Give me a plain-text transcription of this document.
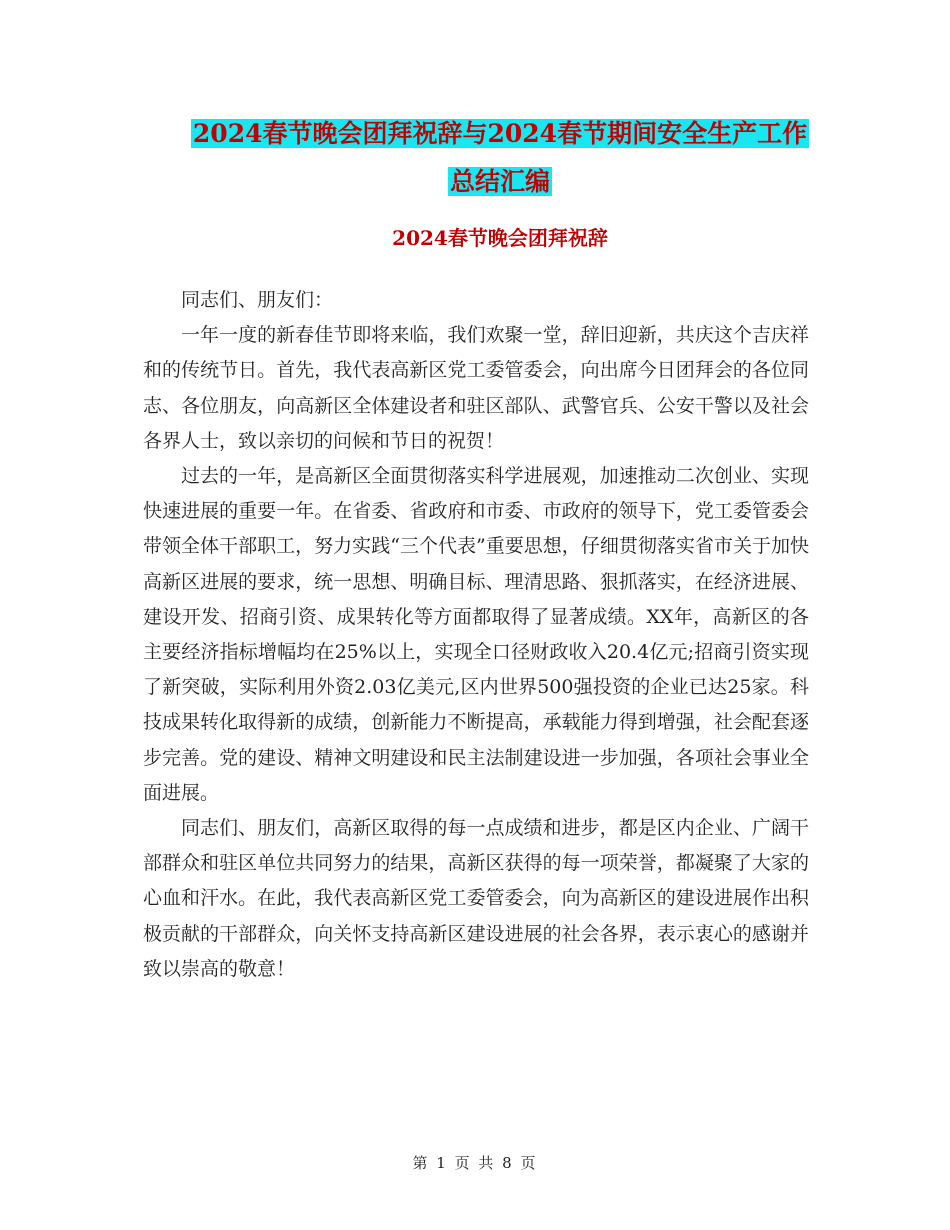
2024春节晚会团拜祝辞与2024春节期间安全生产工作
总结汇编
2024春节晚会团拜祝辞

同志们、朋友们：

一年一度的新春佳节即将来临，我们欢聚一堂，辞旧迎新，共庆这个吉庆祥和的传统节日。首先，我代表高新区党工委管委会，向出席今日团拜会的各位同志、各位朋友，向高新区全体建设者和驻区部队、武警官兵、公安干警以及社会各界人士，致以亲切的问候和节日的祝贺！

过去的一年，是高新区全面贯彻落实科学进展观，加速推动二次创业、实现快速进展的重要一年。在省委、省政府和市委、市政府的领导下，党工委管委会带领全体干部职工，努力实践“三个代表”重要思想，仔细贯彻落实省市关于加快高新区进展的要求，统一思想、明确目标、理清思路、狠抓落实，在经济进展、建设开发、招商引资、成果转化等方面都取得了显著成绩。XX年，高新区的各主要经济指标增幅均在25%以上，实现全口径财政收入20.4亿元;招商引资实现了新突破，实际利用外资2.03亿美元,区内世界500强投资的企业已达25家。科技成果转化取得新的成绩，创新能力不断提高，承载能力得到增强，社会配套逐步完善。党的建设、精神文明建设和民主法制建设进一步加强，各项社会事业全面进展。

同志们、朋友们，高新区取得的每一点成绩和进步，都是区内企业、广阔干部群众和驻区单位共同努力的结果，高新区获得的每一项荣誉，都凝聚了大家的心血和汗水。在此，我代表高新区党工委管委会，向为高新区的建设进展作出积极贡献的干部群众，向关怀支持高新区建设进展的社会各界，表示衷心的感谢并致以崇高的敬意！

第 1 页 共 8 页
